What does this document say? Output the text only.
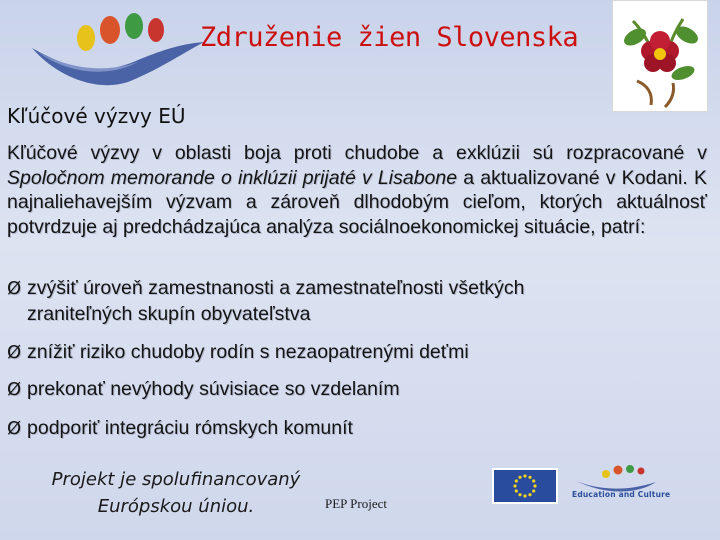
Združenie žien Slovenska
Kľúčové výzvy EÚ
Kľúčové výzvy v oblasti boja proti chudobe a exklúzii sú rozpracované v Spoločnom memorande o inklúzii prijaté v Lisabone a aktualizované v Kodani. K najnaliehavejším výzvam a zároveň dlhodobým cieľom, ktorých aktuálnosť potvrdzuje aj predchádzajúca analýza sociálnoekonomickej situácie, patrí:
Ø zvýšiť úroveň zamestnanosti a zamestnateľnosti všetkých
zraniteľných skupín obyvateľstva
Ø znížiť riziko chudoby rodín s nezaopatrenými deťmi
Ø prekonať nevýhody súvisiace so vzdelaním
Ø podporiť integráciu rómskych komunít
Projekt je spolufinancovaný
Európskou úniou.	PEP Project
Education and Culture
